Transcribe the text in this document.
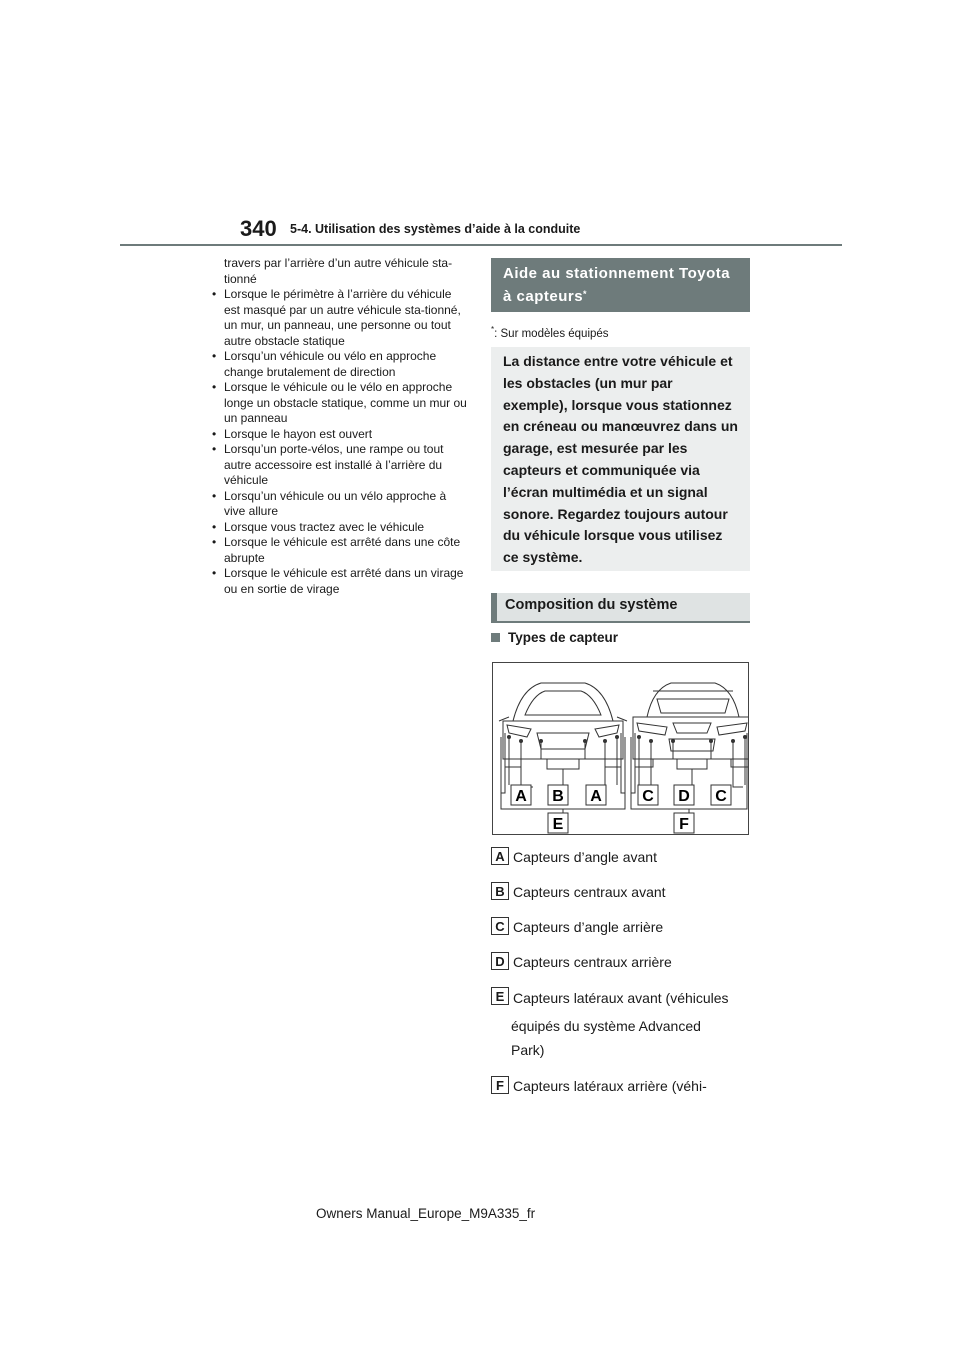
340 5-4. Utilisation des systèmes d’aide à la conduite
travers par l’arrière d’un autre véhicule sta-tionné
• Lorsque le périmètre à l’arrière du véhicule est masqué par un autre véhicule sta-tionné, un mur, un panneau, une personne ou tout autre obstacle statique
• Lorsqu’un véhicule ou vélo en approche change brutalement de direction
• Lorsque le véhicule ou le vélo en approche longe un obstacle statique, comme un mur ou un panneau
• Lorsque le hayon est ouvert
• Lorsqu’un porte-vélos, une rampe ou tout autre accessoire est installé à l’arrière du véhicule
• Lorsqu’un véhicule ou un vélo approche à vive allure
• Lorsque vous tractez avec le véhicule
• Lorsque le véhicule est arrêté dans une côte abrupte
• Lorsque le véhicule est arrêté dans un virage ou en sortie de virage
Aide au stationnement Toyota à capteurs*
*: Sur modèles équipés
La distance entre votre véhicule et les obstacles (un mur par exemple), lorsque vous stationnez en créneau ou manœuvrez dans un garage, est mesurée par les capteurs et communiquée via l’écran multimédia et un signal sonore. Regardez toujours autour du véhicule lorsque vous utilisez ce système.
Composition du système
Types de capteur
A B A	C D C
E	F
A Capteurs d’angle avant
B Capteurs centraux avant
C Capteurs d’angle arrière
D Capteurs centraux arrière
E Capteurs latéraux avant (véhicules
équipés du système Advanced
Park)
F Capteurs latéraux arrière (véhi-
Owners Manual_Europe_M9A335_fr
